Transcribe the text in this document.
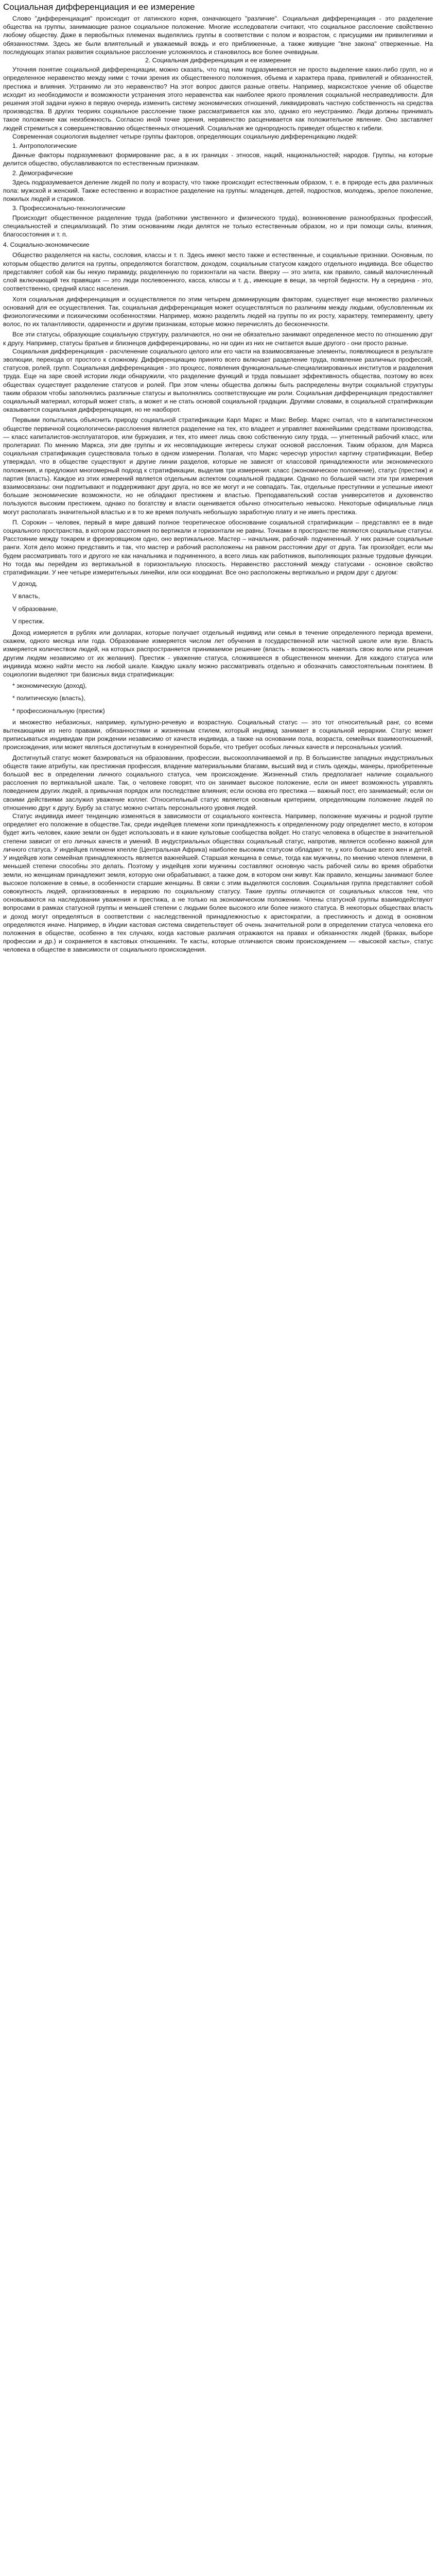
Социальная дифференциация и ее измерение

Слово "дифференциация" происходит от латинского корня, означающего "различие". Социальная дифференциация - это разделение общества на группы, занимающие разное социальное положение. Многие исследователи считают, что социальное расслоение свойственно любому обществу. Даже в первобытных племенах выделялись группы в соответствии с полом и возрастом, с присущими им привилегиями и обязанностями. Здесь же были влиятельный и уважаемый вождь и его приближенные, а также живущие "вне закона" отверженные. На последующих этапах развития социальное расслоение усложнялось и становилось все более очевидным.

2. Социальная дифференциация и ее измерение

Уточняя понятие социальной дифференциации, можно сказать, что под ним подразумевается не просто выделение каких-либо групп, но и определенное неравенство между ними с точки зрения их общественного положения, объема и характера права, привилегий и обязанностей, престижа и влияния. Устранимо ли это неравенство? На этот вопрос даются разные ответы. Например, марксистское учение об обществе исходит из необходимости и возможности устранения этого неравенства как наиболее яркого проявления социальной несправедливости. Для решения этой задачи нужно в первую очередь изменить систему экономических отношений, ликвидировать частную собственность на средства производства. В других теориях социальное расслоение также рассматривается как зло, однако его неустранимо. Люди должны принимать такое положение как неизбежность. Согласно иной точке зрения, неравенство расценивается как положительное явление. Оно заставляет людей стремиться к совершенствованию общественных отношений. Социальная же однородность приведет общество к гибели.

Современная социология выделяет четыре группы факторов, определяющих социальную дифференциацию людей:

1. Антропологические

Данные факторы подразумевают формирование рас, а в их границах - этносов, наций, национальностей; народов. Группы, на которые делится общество, обуславливаются по естественным признакам.

2. Демографические

Здесь подразумевается деление людей по полу и возрасту, что также происходит естественным образом, т. е. в природе есть два различных пола: мужской и женский. Также естественно и возрастное разделение на группы: младенцев, детей, подростков, молодежь, зрелое поколение, пожилых людей и стариков.

3. Профессионально-технологические

Происходит общественное разделение труда (работники умственного и физического труда), возникновение разнообразных профессий, специальностей и специализаций. По этим основаниям люди делятся не только естественным образом, но и при помощи силы, влияния, благосостояния и т. п.

4. Социально-экономические

Общество разделяется на касты, сословия, классы и т. п. Здесь имеют место также и естественные, и социальные признаки. Основным, по которым общество делится на группы, определяются богатством, доходом, социальным статусом каждого отдельного индивида. Все общество представляет собой как бы некую пирамиду, разделенную по горизонтали на части. Вверху — это элита, как правило, самый малочисленный слой включающий тех правящих — это люди послевоенного, касса, классы и т. д., имеющие в вещи, за чертой бедности. Ну а середина - это, соответственно, средний класс населения.

Хотя социальная дифференциация и осуществляется по этим четырем доминирующим факторам, существует еще множество различных оснований для ее осуществления. Так, социальная дифференциация может осуществляться по различиям между людьми, обусловленным их физиологическими и психическими особенностями. Например, можно разделить людей на группы по их росту, характеру, темпераменту, цвету волос, по их талантливости, одаренности и другим признакам, которые можно перечислять до бесконечности.

Все эти статусы, образующие социальную структуру, различаются, но они не обязательно занимают определенное место по отношению друг к другу. Например, статусы братьев и близнецов дифференцированы, но ни один из них не считается выше другого - они просто разные.

Социальная дифференциация - расчленение социального целого или его части на взаимосвязанные элементы, появляющиеся в результате эволюции, перехода от простого к сложному. Дифференциацию принято всего включает разделение труда, появление различных профессий, статусов, ролей, групп. Социальная дифференциация - это процесс, появления функциональные-специализированных институтов и разделения труда. Еще на заре своей истории люди обнаружили, что разделение функций и труда повышает эффективность общества, поэтому во всех обществах существует разделение статусов и ролей. При этом члены общества должны быть распределены внутри социальной структуры таким образом чтобы заполнялись различные статусы и выполнялись соответствующие им роли. Социальная дифференциация предоставляет социальный материал, который может стать, а может и не стать основой социальной градации. Другими словами, в социальной стратификации оказывается социальная дифференциация, но не наоборот.

Первыми попытались объяснить природу социальной стратификации Карл Маркс и Макс Вебер. Маркс считал, что в капиталистическом обществе первичной социологически-расслоения является разделение на тех, кто владеет и управляет важнейшими средствами производства, — класс капиталистов-эксплуататоров, или буржуазия, и тех, кто имеет лишь свою собственную силу труда, — угнетенный рабочий класс, или пролетариат. По мнению Маркса, эти две группы и их несовпадающие интересы служат основой расслоения. Таким образом, для Маркса социальная стратификация существовала только в одном измерении. Полагая, что Маркс чересчур упростил картину стратификации, Вебер утверждал, что в обществе существуют и другие линии разделов, которые не зависят от классовой принадлежности или экономического положения, и предложил многомерный подход к стратификации, выделив три измерения: класс (экономическое положение), статус (престиж) и партия (власть). Каждое из этих измерений является отдельным аспектом социальной градации. Однако по большей части эти три измерения взаимосвязаны: они подпитывают и поддерживают друг друга, но все же могут и не совпадать. Так, отдельные преступники и успешные имеют большие экономические возможности, но не обладают престижем и властью. Преподавательский состав университетов и духовенство пользуются высоким престижем, однако по богатству и власти оценивается обычно относительно невысоко. Некоторые официальные лица могут располагать значительной властью и в то же время получать небольшую заработную плату и не иметь престижа.

П. Сорокин – человек, первый в мире давший полное теоретическое обоснование социальной стратификации – представлял ее в виде социального пространства, в котором расстояния по вертикали и горизонтали не равны. Точками в пространстве являются социальные статусы. Расстояние между токарем и фрезеровщиком одно, оно вертикальное. Мастер – начальник, рабочий- подчиненный. У них разные социальные ранги. Хотя дело можно представить и так, что мастер и рабочий расположены на равном расстоянии друг от друга. Так произойдет, если мы будем рассматривать того и другого не как начальника и подчиненного, а всего лишь как работников, выполняющих разные трудовые функции. Но тогда мы перейдем из вертикальной в горизонтальную плоскость. Неравенство расстояний между статусами - основное свойство стратификации. У нее четыре измерительных линейки, или оси координат. Все оно расположены вертикально и рядом друг с другом:

V доход,

V власть,

V образование,

V престиж.

Доход измеряется в рублях или долларах, которые получает отдельный индивид или семья в течение определенного периода времени, скажем, одного месяца или года. Образование измеряется числом лет обучения в государственной или частной школе или вузе. Власть измеряется количеством людей, на которых распространяется принимаемое решение (власть - возможность навязать свою волю или решения другим людям независимо от их желания). Престиж - уважение статуса, сложившееся в общественном мнении. Для каждого статуса или индивида можно найти место на любой шкале. Каждую шкалу можно рассматривать отдельно и обозначать самостоятельным понятием. В социологии выделяют три базисных вида стратификации:

* экономическую (доход),

* политическую (власть),

* профессиональную (престиж)

и множество небазисных, например, культурно-речевую и возрастную. Социальный статус — это тот относительный ранг, со всеми вытекающими из него правами, обязанностями и жизненным стилем, который индивид занимает в социальной иерархии. Статус может приписываться индивидам при рождении независимо от качеств индивида, а также на основании пола, возраста, семейных взаимоотношений, происхождения, или может являться достигнутым в конкурентной борьбе, что требует особых личных качеств и персональных усилий.

Достигнутый статус может базироваться на образовании, профессии, высокооплачиваемой и пр. В большинстве западных индустриальных обществ такие атрибуты, как престижная профессия, владение материальными благами, высший вид и стиль одежды, манеры, приобретенные большой вес в определении личного социального статуса, чем происхождение. Жизненный стиль предполагает наличие социального расслоения по вертикальной шкале. Так, о человеке говорят, что он занимает высокое положение, если он имеет возможность управлять поведением других людей, а привычная порядок или последствие влияния; если основа его престижа — важный пост, его занимаемый; если он своими действиями заслужил уважение коллег. Относительный статус является основным критерием, определяющим положение людей по отношению друг к другу. Бурбу за статус можно считать персонального уровня людей.

Статус индивида имеет тенденцию изменяться в зависимости от социального контекста. Например, положение мужчины и родной группе определяет его положение в обществе.Так, среди индейцев племени хопи принадлежность к определенному роду определяет место, в котором будет жить человек, какие земли он будет использовать и в какие культовые сообщества войдет. Но статус человека в обществе в значительной степени зависит от его личных качеств и умений. В индустриальных обществах социальный статус, напротив, является особенно важной для личного статуса. У индейцев племени кпелле (Центральная Африка) наиболее высоким статусом обладают те, у кого больше всего жен и детей. У индейцев хопи семейная принадлежность является важнейшей. Старшая женщина в семье, тогда как мужчины, по мнению членов племени, в меньшей степени способны это делать. Поэтому у индейцев хопи мужчины составляют основную часть рабочей силы во время обработки земли, но женщинам принадлежит земля, которую они обрабатывают, а также дом, в котором они живут. Как правило, женщины занимают более высокое положение в семье, в особенности старшие женщины. В связи с этим выделяются сословия. Социальная группа представляет собой совокупность людей, организованных в иерархию по социальному статусу. Такие группы отличаются от социальных классов тем, что основываются на наследовании уважения и престижа, а не только на экономическом положении. Члены статусной группы взаимодействуют вопросами в рамках статусной группы и меньшей степени с людьми более высокого или более низкого статуса. В некоторых обществах власть и доход могут определяться в соответствии с наследственной принадлежностью к аристократии, а престижность и доход в основном определяются иначе. Например, в Индии кастовая система свидетельствует об очень значительной роли в определении статуса человека его положения в обществе, особенно в тех случаях, когда кастовые различия отражаются на правах и обязанностях людей (браках, выборе профессии и др.) и сохраняется в кастовых отношениях. Те касты, которые отличаются своим происхождением — «высокой касты», статус человека в обществе в зависимости от социального происхождения.
